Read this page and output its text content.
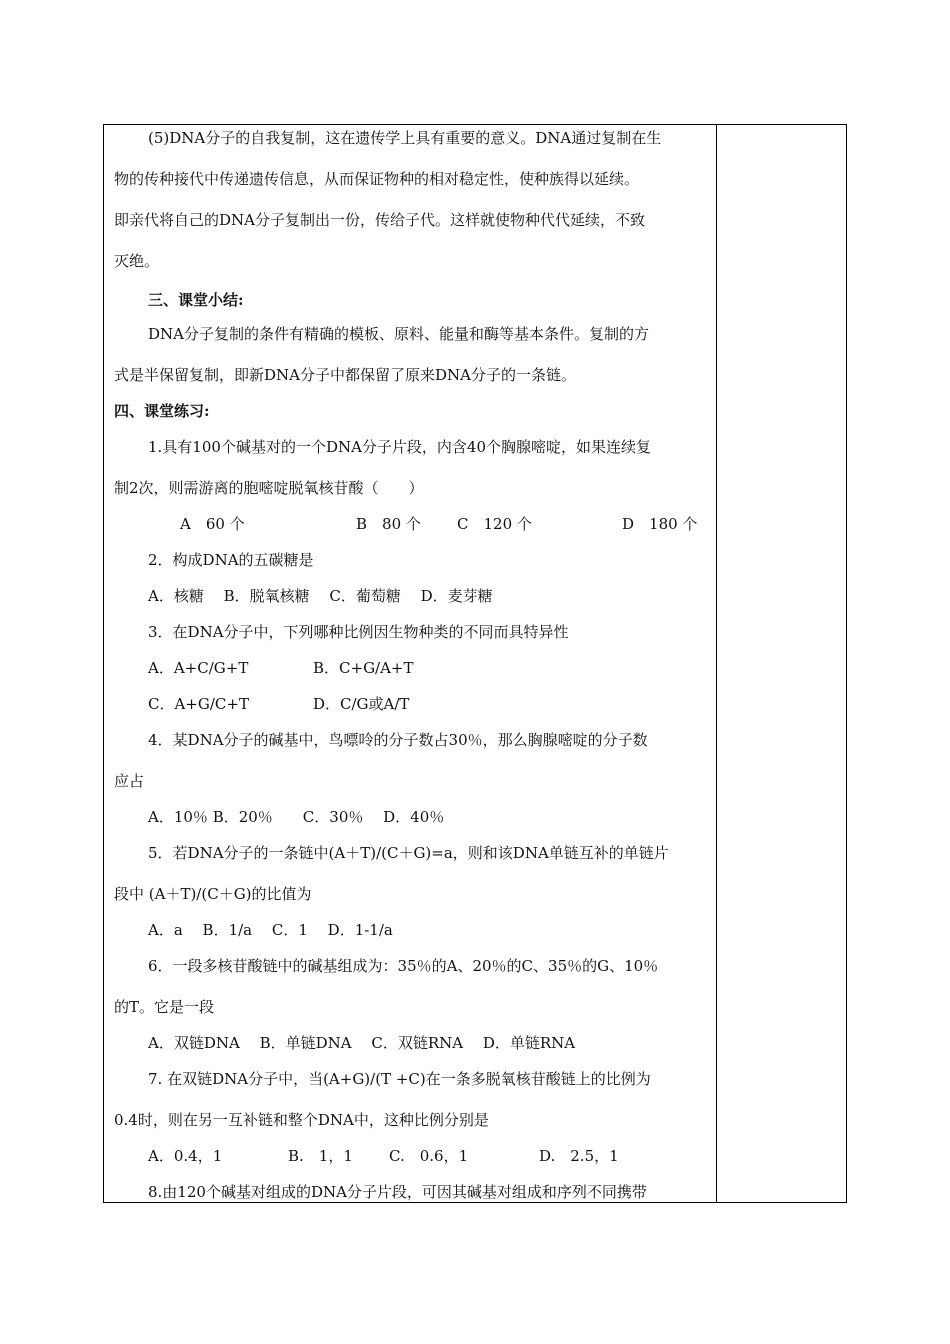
(5)DNA分子的自我复制，这在遗传学上具有重要的意义。DNA通过复制在生
物的传种接代中传递遗传信息，从而保证物种的相对稳定性，使种族得以延续。
即亲代将自己的DNA分子复制出一份，传给子代。这样就使物种代代延续，不致
灭绝。
三、课堂小结:
DNA分子复制的条件有精确的模板、原料、能量和酶等基本条件。复制的方
式是半保留复制，即新DNA分子中都保留了原来DNA分子的一条链。
四、课堂练习:
1.具有100个碱基对的一个DNA分子片段，内含40个胸腺嘧啶，如果连续复
制2次，则需游离的胞嘧啶脱氧核苷酸（　　）
A　60 个	B　80 个 C　120 个	D　180 个
2．构成DNA的五碳糖是
A．核糖　 B．脱氧核糖　 C．葡萄糖　 D．麦芽糖
3．在DNA分子中，下列哪种比例因生物种类的不同而具特异性
A．A+C/G+T	B．C+G/A+T
C．A+G/C+T	D．C/G或A/T
4．某DNA分子的碱基中，鸟嘌呤的分子数占30％，那么胸腺嘧啶的分子数
应占
A．10％ B．20％　　C．30％　 D．40％
5．若DNA分子的一条链中(A＋T)/(C＋G)=a，则和该DNA单链互补的单链片
段中 (A＋T)/(C＋G)的比值为
A．a　 B．1/a　 C．1　 D．1-1/a
6．一段多核苷酸链中的碱基组成为：35％的A、20％的C、35％的G、10％
的T。它是一段
A．双链DNA　 B．单链DNA　 C．双链RNA　 D．单链RNA
7. 在双链DNA分子中，当(A+G)/(T +C)在一条多脱氧核苷酸链上的比例为
0.4时，则在另一互补链和整个DNA中，这种比例分别是
A．0.4，1	B.　1，1 C.　0.6，1	D.　2.5，1
8.由120个碱基对组成的DNA分子片段，可因其碱基对组成和序列不同携带
